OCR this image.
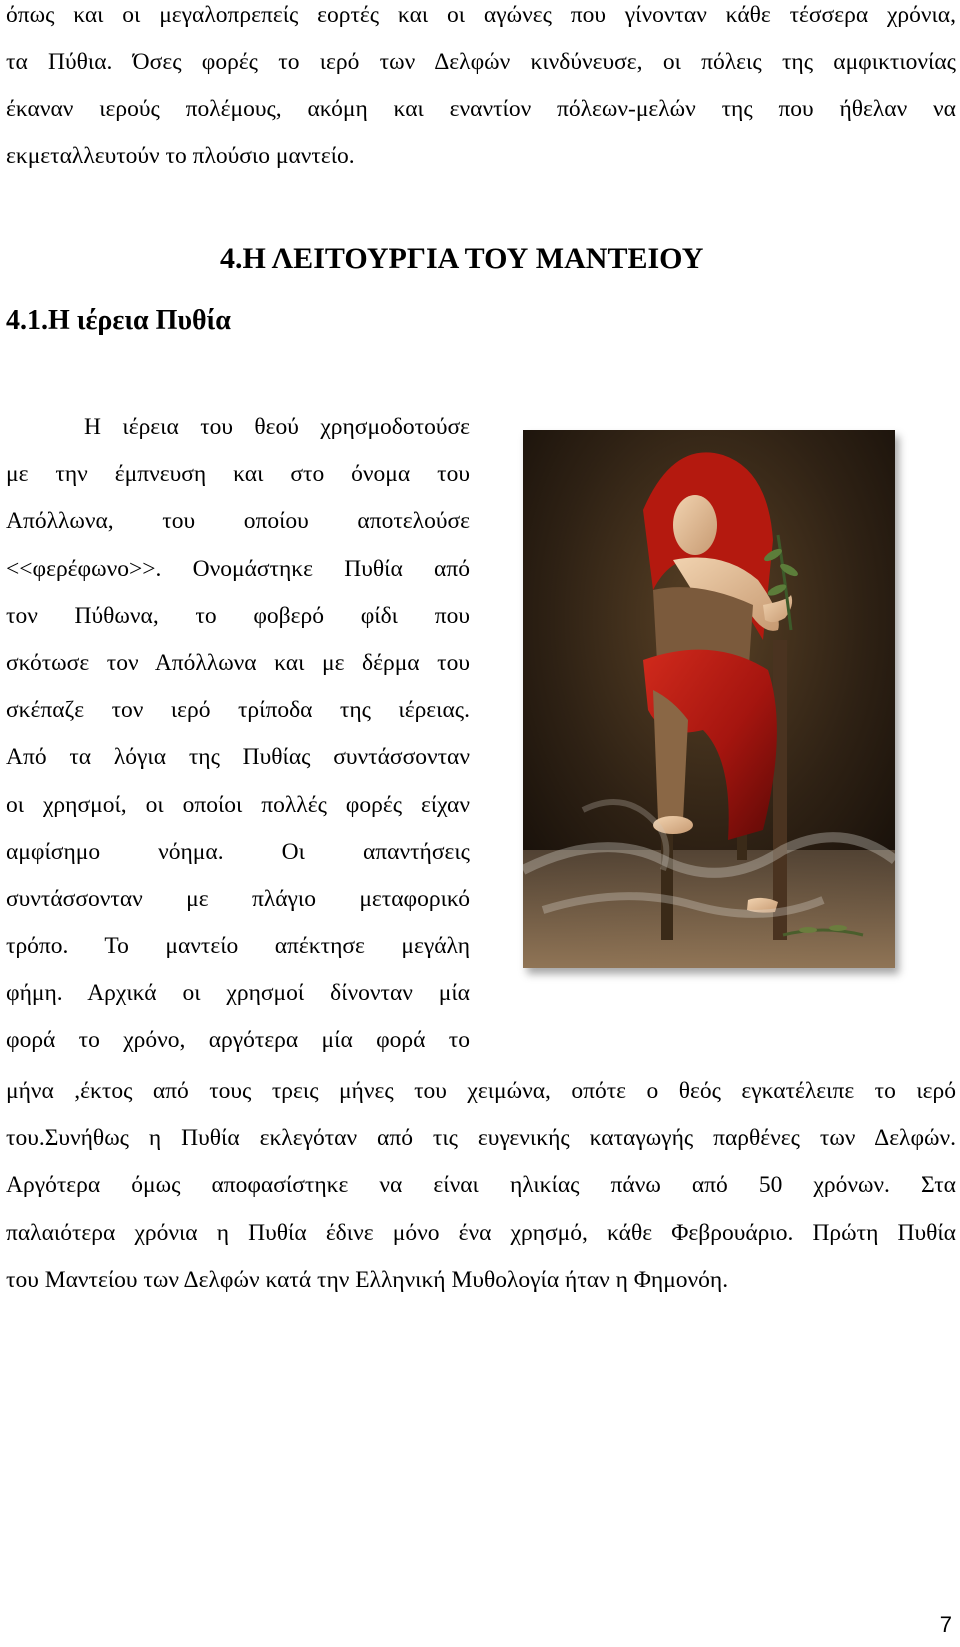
όπως και οι μεγαλοπρεπείς εορτές και οι αγώνες που γίνονταν κάθε τέσσερα χρόνια,
τα Πύθια. Όσες φορές το ιερό των Δελφών κινδύνευσε, οι πόλεις της αμφικτιονίας
έκαναν ιερούς πολέμους, ακόμη και εναντίον πόλεων-μελών της που ήθελαν να
εκμεταλλευτούν το πλούσιο μαντείο.
4.Η ΛΕΙΤΟΥΡΓΙΑ ΤΟΥ ΜΑΝΤΕΙΟΥ
4.1.Η ιέρεια Πυθία
Η ιέρεια του θεού χρησμοδοτούσε
με την έμπνευση και στο όνομα του
Απόλλωνα, του οποίου αποτελούσε
<<φερέφωνο>>. Ονομάστηκε Πυθία από
τον Πύθωνα, το φοβερό φίδι που
σκότωσε τον Απόλλωνα και με δέρμα του
σκέπαζε τον ιερό τρίποδα της ιέρειας.
Από τα λόγια της Πυθίας συντάσσονταν
οι χρησμοί, οι οποίοι πολλές φορές είχαν
αμφίσημο νόημα. Οι απαντήσεις
συντάσσονταν με πλάγιο μεταφορικό
τρόπο. Το μαντείο απέκτησε μεγάλη
φήμη. Αρχικά οι χρησμοί δίνονταν μία
φορά το χρόνο, αργότερα μία φορά το
μήνα ,έκτος από τους τρεις μήνες του χειμώνα, οπότε ο θεός εγκατέλειπε το ιερό
του.Συνήθως η Πυθία εκλεγόταν από τις ευγενικής καταγωγής παρθένες των Δελφών.
Αργότερα όμως αποφασίστηκε να είναι ηλικίας πάνω από 50 χρόνων. Στα
παλαιότερα χρόνια η Πυθία έδινε μόνο ένα χρησμό, κάθε Φεβρουάριο. Πρώτη Πυθία
του Μαντείου των Δελφών κατά την Ελληνική Μυθολογία ήταν η Φημονόη.

7
